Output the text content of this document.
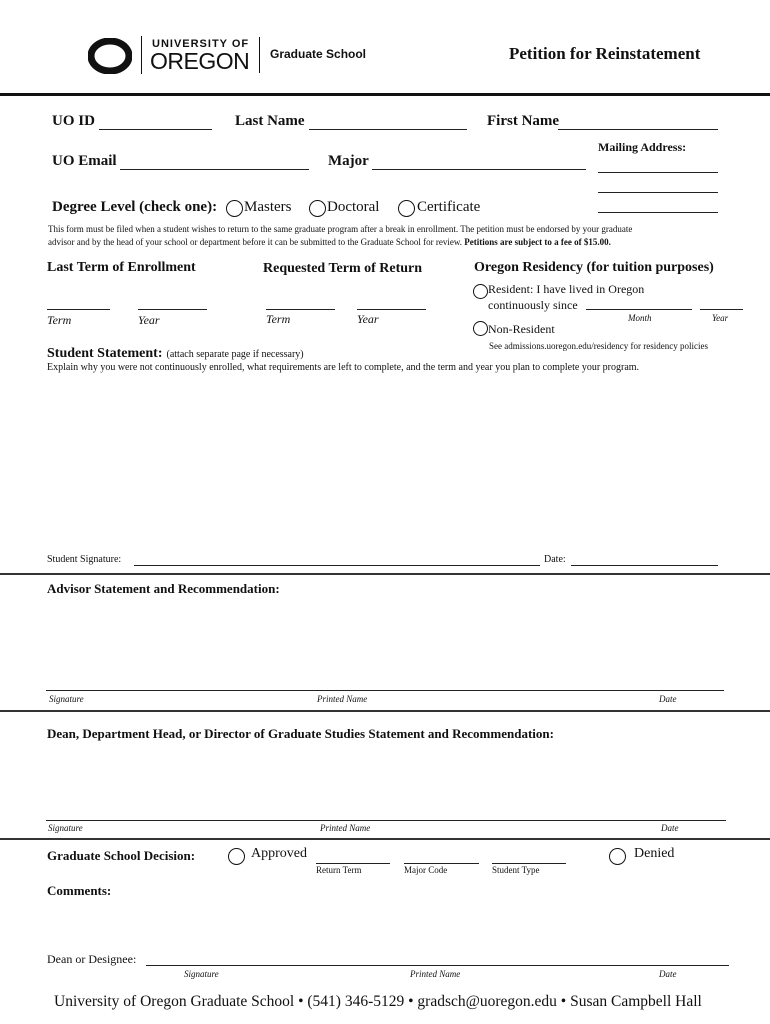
UNIVERSITY OF
OREGON Graduate School	Petition for Reinstatement
UO ID	Last Name	First Name
UO Email	Major
Mailing Address:
Degree Level (check one): Masters Doctoral	Certificate
This form must be filed when a student wishes to return to the same graduate program after a break in enrollment. The petition must be endorsed by your graduate
advisor and by the head of your school or department before it can be submitted to the Graduate School for review. Petitions are subject to a fee of $15.00.
Last Term of Enrollment
Term	Year
Requested Term of Return
Term	Year
Oregon Residency (for tuition purposes)
Resident: I have lived in Oregon
continuously since
Month	Year
Non-Resident
See admissions.uoregon.edu/residency for residency policies
Student Statement: (attach separate page if necessary)
Explain why you were not continuously enrolled, what requirements are left to complete, and the term and year you plan to complete your program.
Student Signature:	Date:
Advisor Statement and Recommendation:
Signature	Printed Name	Date
Dean, Department Head, or Director of Graduate Studies Statement and Recommendation:
Signature	Printed Name	Date
Graduate School Decision:	Approved
Return Term	Major Code	Student Type
Denied
Comments:
Dean or Designee:
Signature	Printed Name	Date
University of Oregon Graduate School • (541) 346-5129 • gradsch@uoregon.edu • Susan Campbell Hall
